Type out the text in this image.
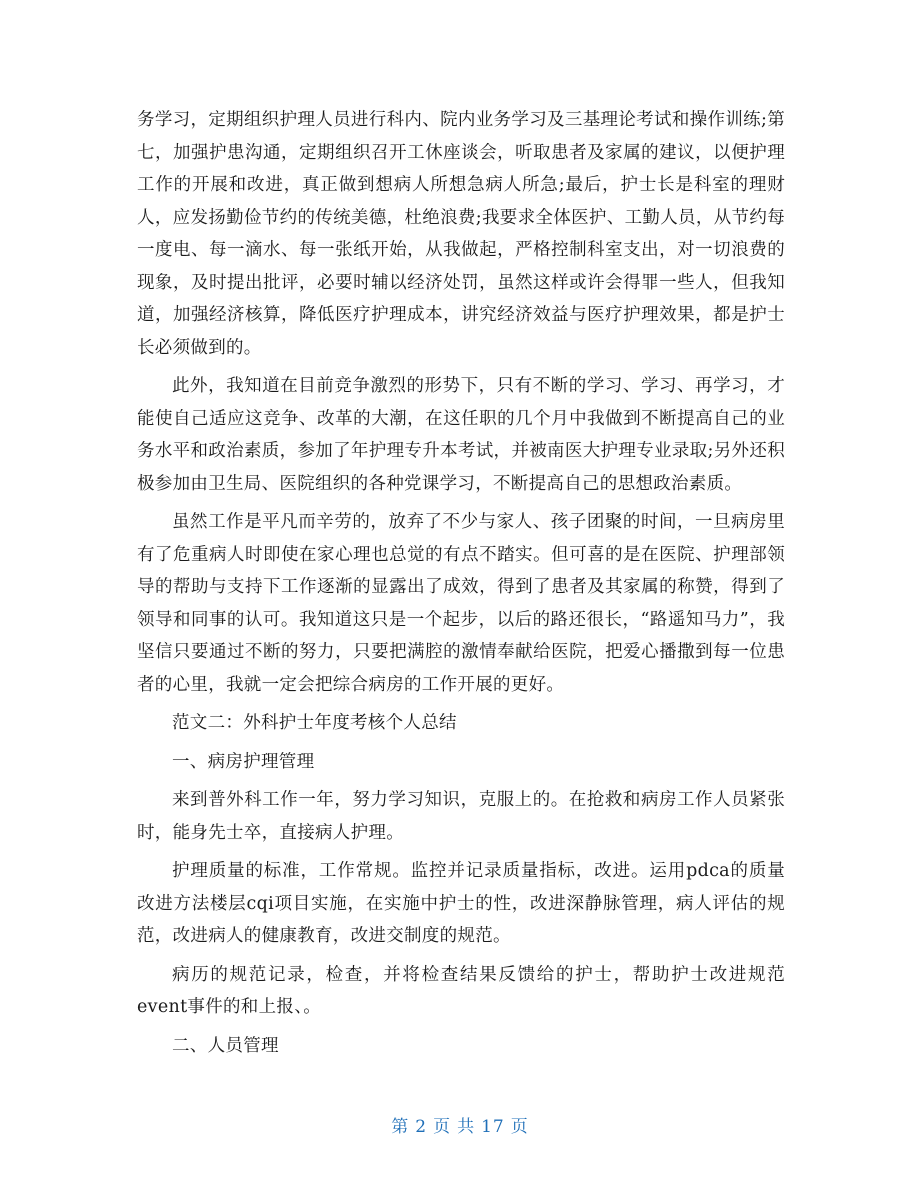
务学习，定期组织护理人员进行科内、院内业务学习及三基理论考试和操作训练;第七，加强护患沟通，定期组织召开工休座谈会，听取患者及家属的建议，以便护理工作的开展和改进，真正做到想病人所想急病人所急;最后，护士长是科室的理财人，应发扬勤俭节约的传统美德，杜绝浪费;我要求全体医护、工勤人员，从节约每一度电、每一滴水、每一张纸开始，从我做起，严格控制科室支出，对一切浪费的现象，及时提出批评，必要时辅以经济处罚，虽然这样或许会得罪一些人，但我知道，加强经济核算，降低医疗护理成本，讲究经济效益与医疗护理效果，都是护士长必须做到的。

此外，我知道在目前竞争激烈的形势下，只有不断的学习、学习、再学习，才能使自己适应这竞争、改革的大潮，在这任职的几个月中我做到不断提高自己的业务水平和政治素质，参加了年护理专升本考试，并被南医大护理专业录取;另外还积极参加由卫生局、医院组织的各种党课学习，不断提高自己的思想政治素质。

虽然工作是平凡而辛劳的，放弃了不少与家人、孩子团聚的时间，一旦病房里有了危重病人时即使在家心理也总觉的有点不踏实。但可喜的是在医院、护理部领导的帮助与支持下工作逐渐的显露出了成效，得到了患者及其家属的称赞，得到了领导和同事的认可。我知道这只是一个起步，以后的路还很长，“路遥知马力”，我坚信只要通过不断的努力，只要把满腔的激情奉献给医院，把爱心播撒到每一位患者的心里，我就一定会把综合病房的工作开展的更好。

范文二：外科护士年度考核个人总结

一、病房护理管理

来到普外科工作一年，努力学习知识，克服上的。在抢救和病房工作人员紧张时，能身先士卒，直接病人护理。

护理质量的标准，工作常规。监控并记录质量指标，改进。运用pdca的质量改进方法楼层cqi项目实施，在实施中护士的性，改进深静脉管理，病人评估的规范，改进病人的健康教育，改进交制度的规范。

病历的规范记录，检查，并将检查结果反馈给的护士，帮助护士改进规范event事件的和上报、。

二、人员管理

第 2 页 共 17 页
